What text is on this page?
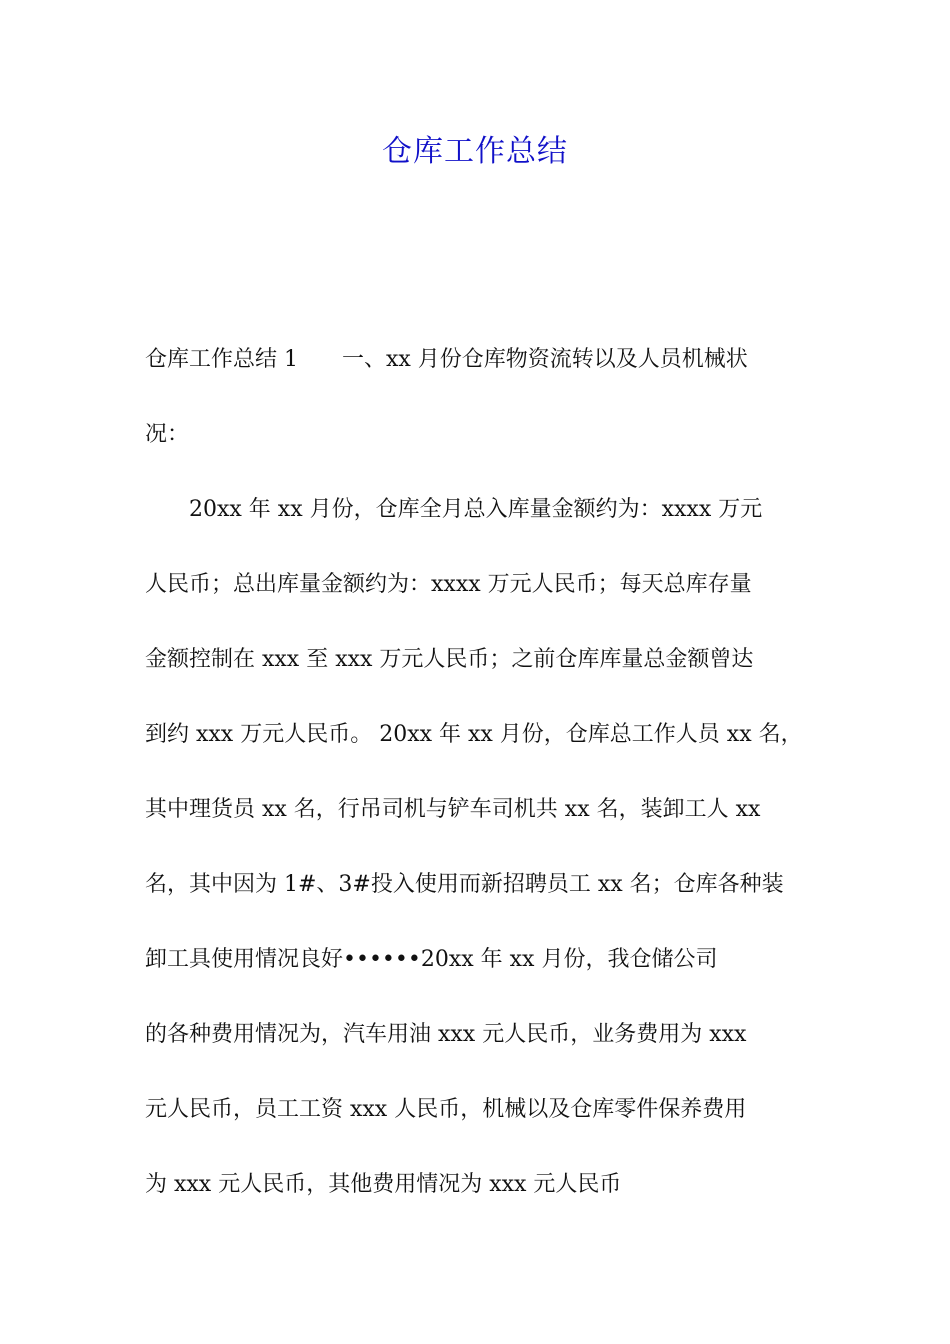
仓库工作总结
仓库工作总结 1　　一、xx 月份仓库物资流转以及人员机械状
况：
　　20xx 年 xx 月份，仓库全月总入库量金额约为：xxxx 万元
人民币；总出库量金额约为：xxxx 万元人民币；每天总库存量
金额控制在 xxx 至 xxx 万元人民币；之前仓库库量总金额曾达
到约 xxx 万元人民币。 20xx 年 xx 月份，仓库总工作人员 xx 名，
其中理货员 xx 名，行吊司机与铲车司机共 xx 名，装卸工人 xx
名，其中因为 1#、3#投入使用而新招聘员工 xx 名；仓库各种装
卸工具使用情况良好••••••20xx 年 xx 月份，我仓储公司
的各种费用情况为，汽车用油 xxx 元人民币，业务费用为 xxx
元人民币，员工工资 xxx 人民币，机械以及仓库零件保养费用
为 xxx 元人民币，其他费用情况为 xxx 元人民币
